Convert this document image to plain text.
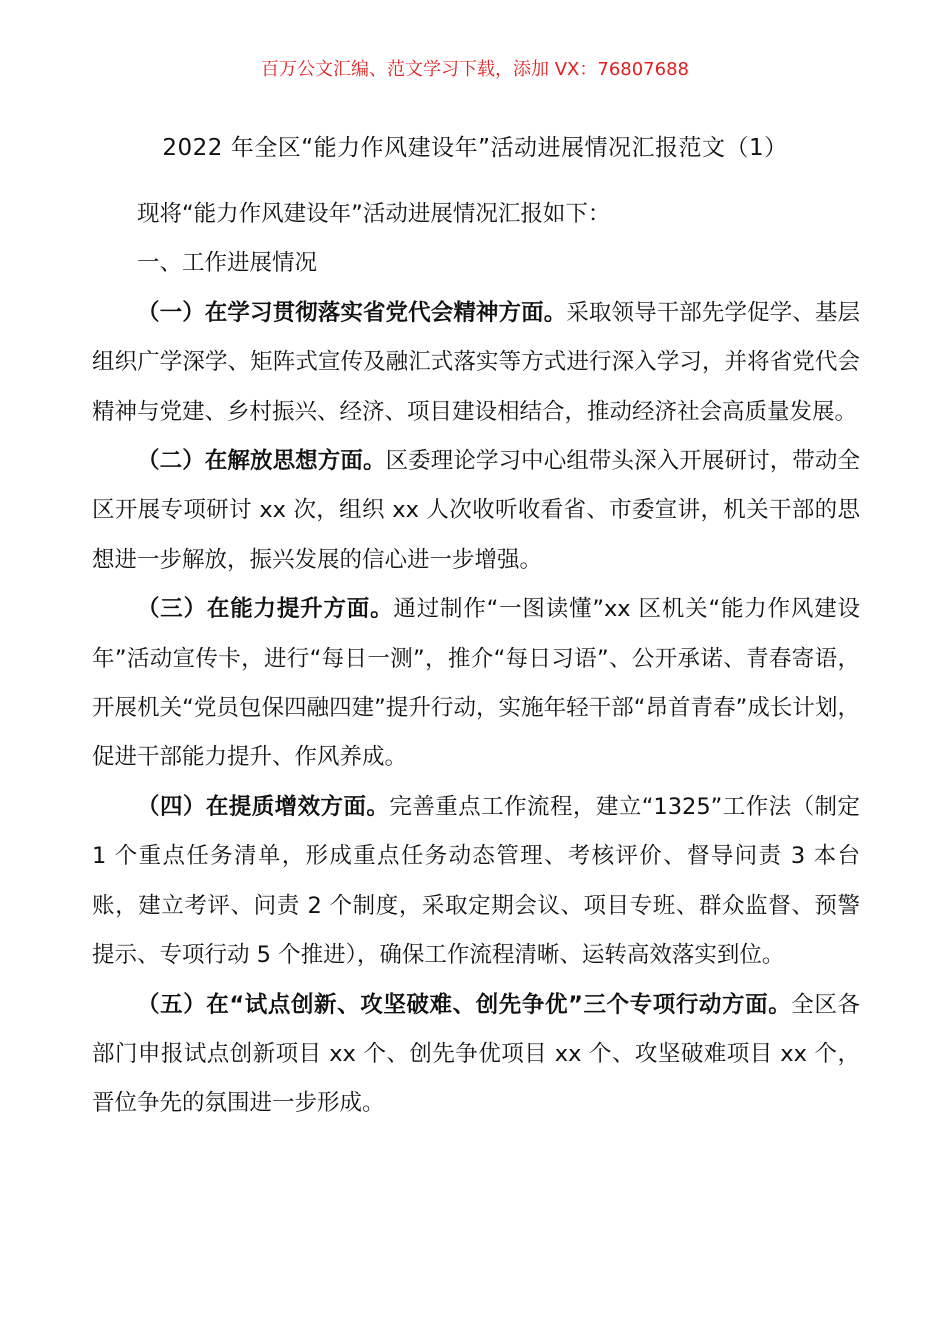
百万公文汇编、范文学习下载，添加 VX：76807688
2022 年全区“能力作风建设年”活动进展情况汇报范文（1）

现将“能力作风建设年”活动进展情况汇报如下：

一、工作进展情况

（一）在学习贯彻落实省党代会精神方面。采取领导干部先学促学、基层组织广学深学、矩阵式宣传及融汇式落实等方式进行深入学习，并将省党代会精神与党建、乡村振兴、经济、项目建设相结合，推动经济社会高质量发展。

（二）在解放思想方面。区委理论学习中心组带头深入开展研讨，带动全区开展专项研讨 xx 次，组织 xx 人次收听收看省、市委宣讲，机关干部的思想进一步解放，振兴发展的信心进一步增强。

（三）在能力提升方面。通过制作“一图读懂”xx 区机关“能力作风建设年”活动宣传卡，进行“每日一测”，推介“每日习语”、公开承诺、青春寄语，开展机关“党员包保四融四建”提升行动，实施年轻干部“昂首青春”成长计划，促进干部能力提升、作风养成。

（四）在提质增效方面。完善重点工作流程，建立“1325”工作法（制定 1 个重点任务清单，形成重点任务动态管理、考核评价、督导问责 3 本台账，建立考评、问责 2 个制度，采取定期会议、项目专班、群众监督、预警提示、专项行动 5 个推进），确保工作流程清晰、运转高效落实到位。

（五）在“试点创新、攻坚破难、创先争优”三个专项行动方面。全区各部门申报试点创新项目 xx 个、创先争优项目 xx 个、攻坚破难项目 xx 个，晋位争先的氛围进一步形成。
